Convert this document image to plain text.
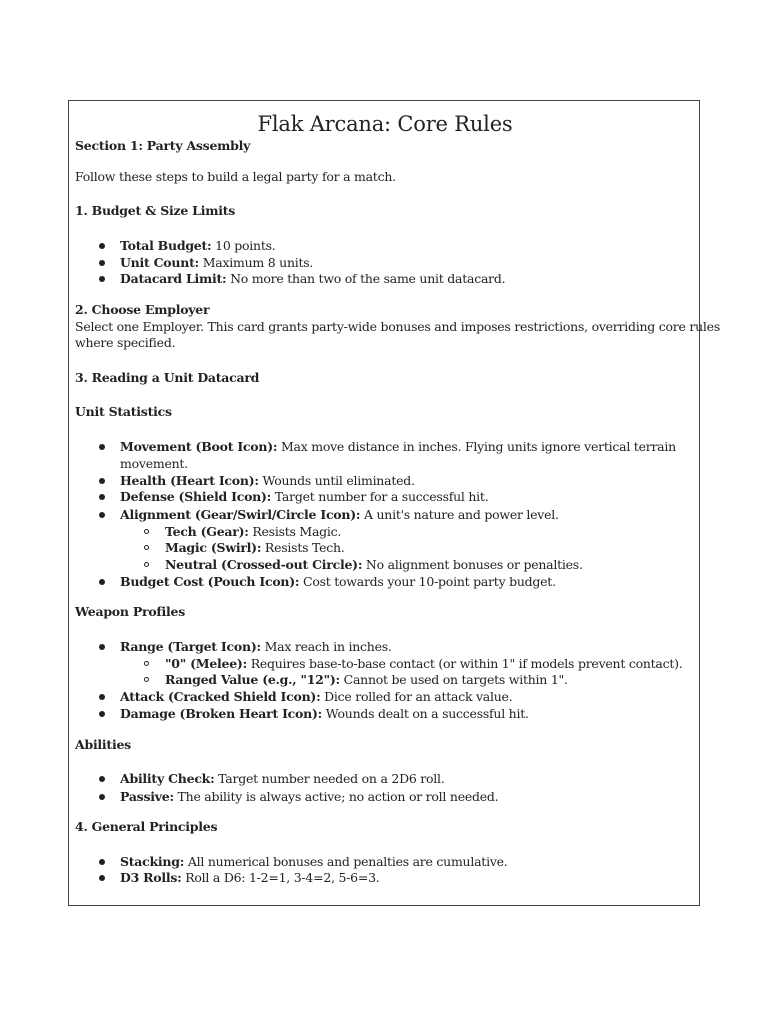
Flak Arcana: Core Rules
Section 1: Party Assembly
Follow these steps to build a legal party for a match.
1. Budget & Size Limits
Total Budget: 10 points.
Unit Count: Maximum 8 units.
Datacard Limit: No more than two of the same unit datacard.
2. Choose Employer
Select one Employer. This card grants party-wide bonuses and imposes restrictions, overriding core rules
where specified.
3. Reading a Unit Datacard
Unit Statistics
Movement (Boot Icon): Max move distance in inches. Flying units ignore vertical terrain
movement.
Health (Heart Icon): Wounds until eliminated.
Defense (Shield Icon): Target number for a successful hit.
Alignment (Gear/Swirl/Circle Icon): A unit's nature and power level.
Tech (Gear): Resists Magic.
Magic (Swirl): Resists Tech.
Neutral (Crossed-out Circle): No alignment bonuses or penalties.
Budget Cost (Pouch Icon): Cost towards your 10-point party budget.
Weapon Profiles
Range (Target Icon): Max reach in inches.
"0" (Melee): Requires base-to-base contact (or within 1" if models prevent contact).
Ranged Value (e.g., "12"): Cannot be used on targets within 1".
Attack (Cracked Shield Icon): Dice rolled for an attack value.
Damage (Broken Heart Icon): Wounds dealt on a successful hit.
Abilities
Ability Check: Target number needed on a 2D6 roll.
Passive: The ability is always active; no action or roll needed.
4. General Principles
Stacking: All numerical bonuses and penalties are cumulative.
D3 Rolls: Roll a D6: 1-2=1, 3-4=2, 5-6=3.
